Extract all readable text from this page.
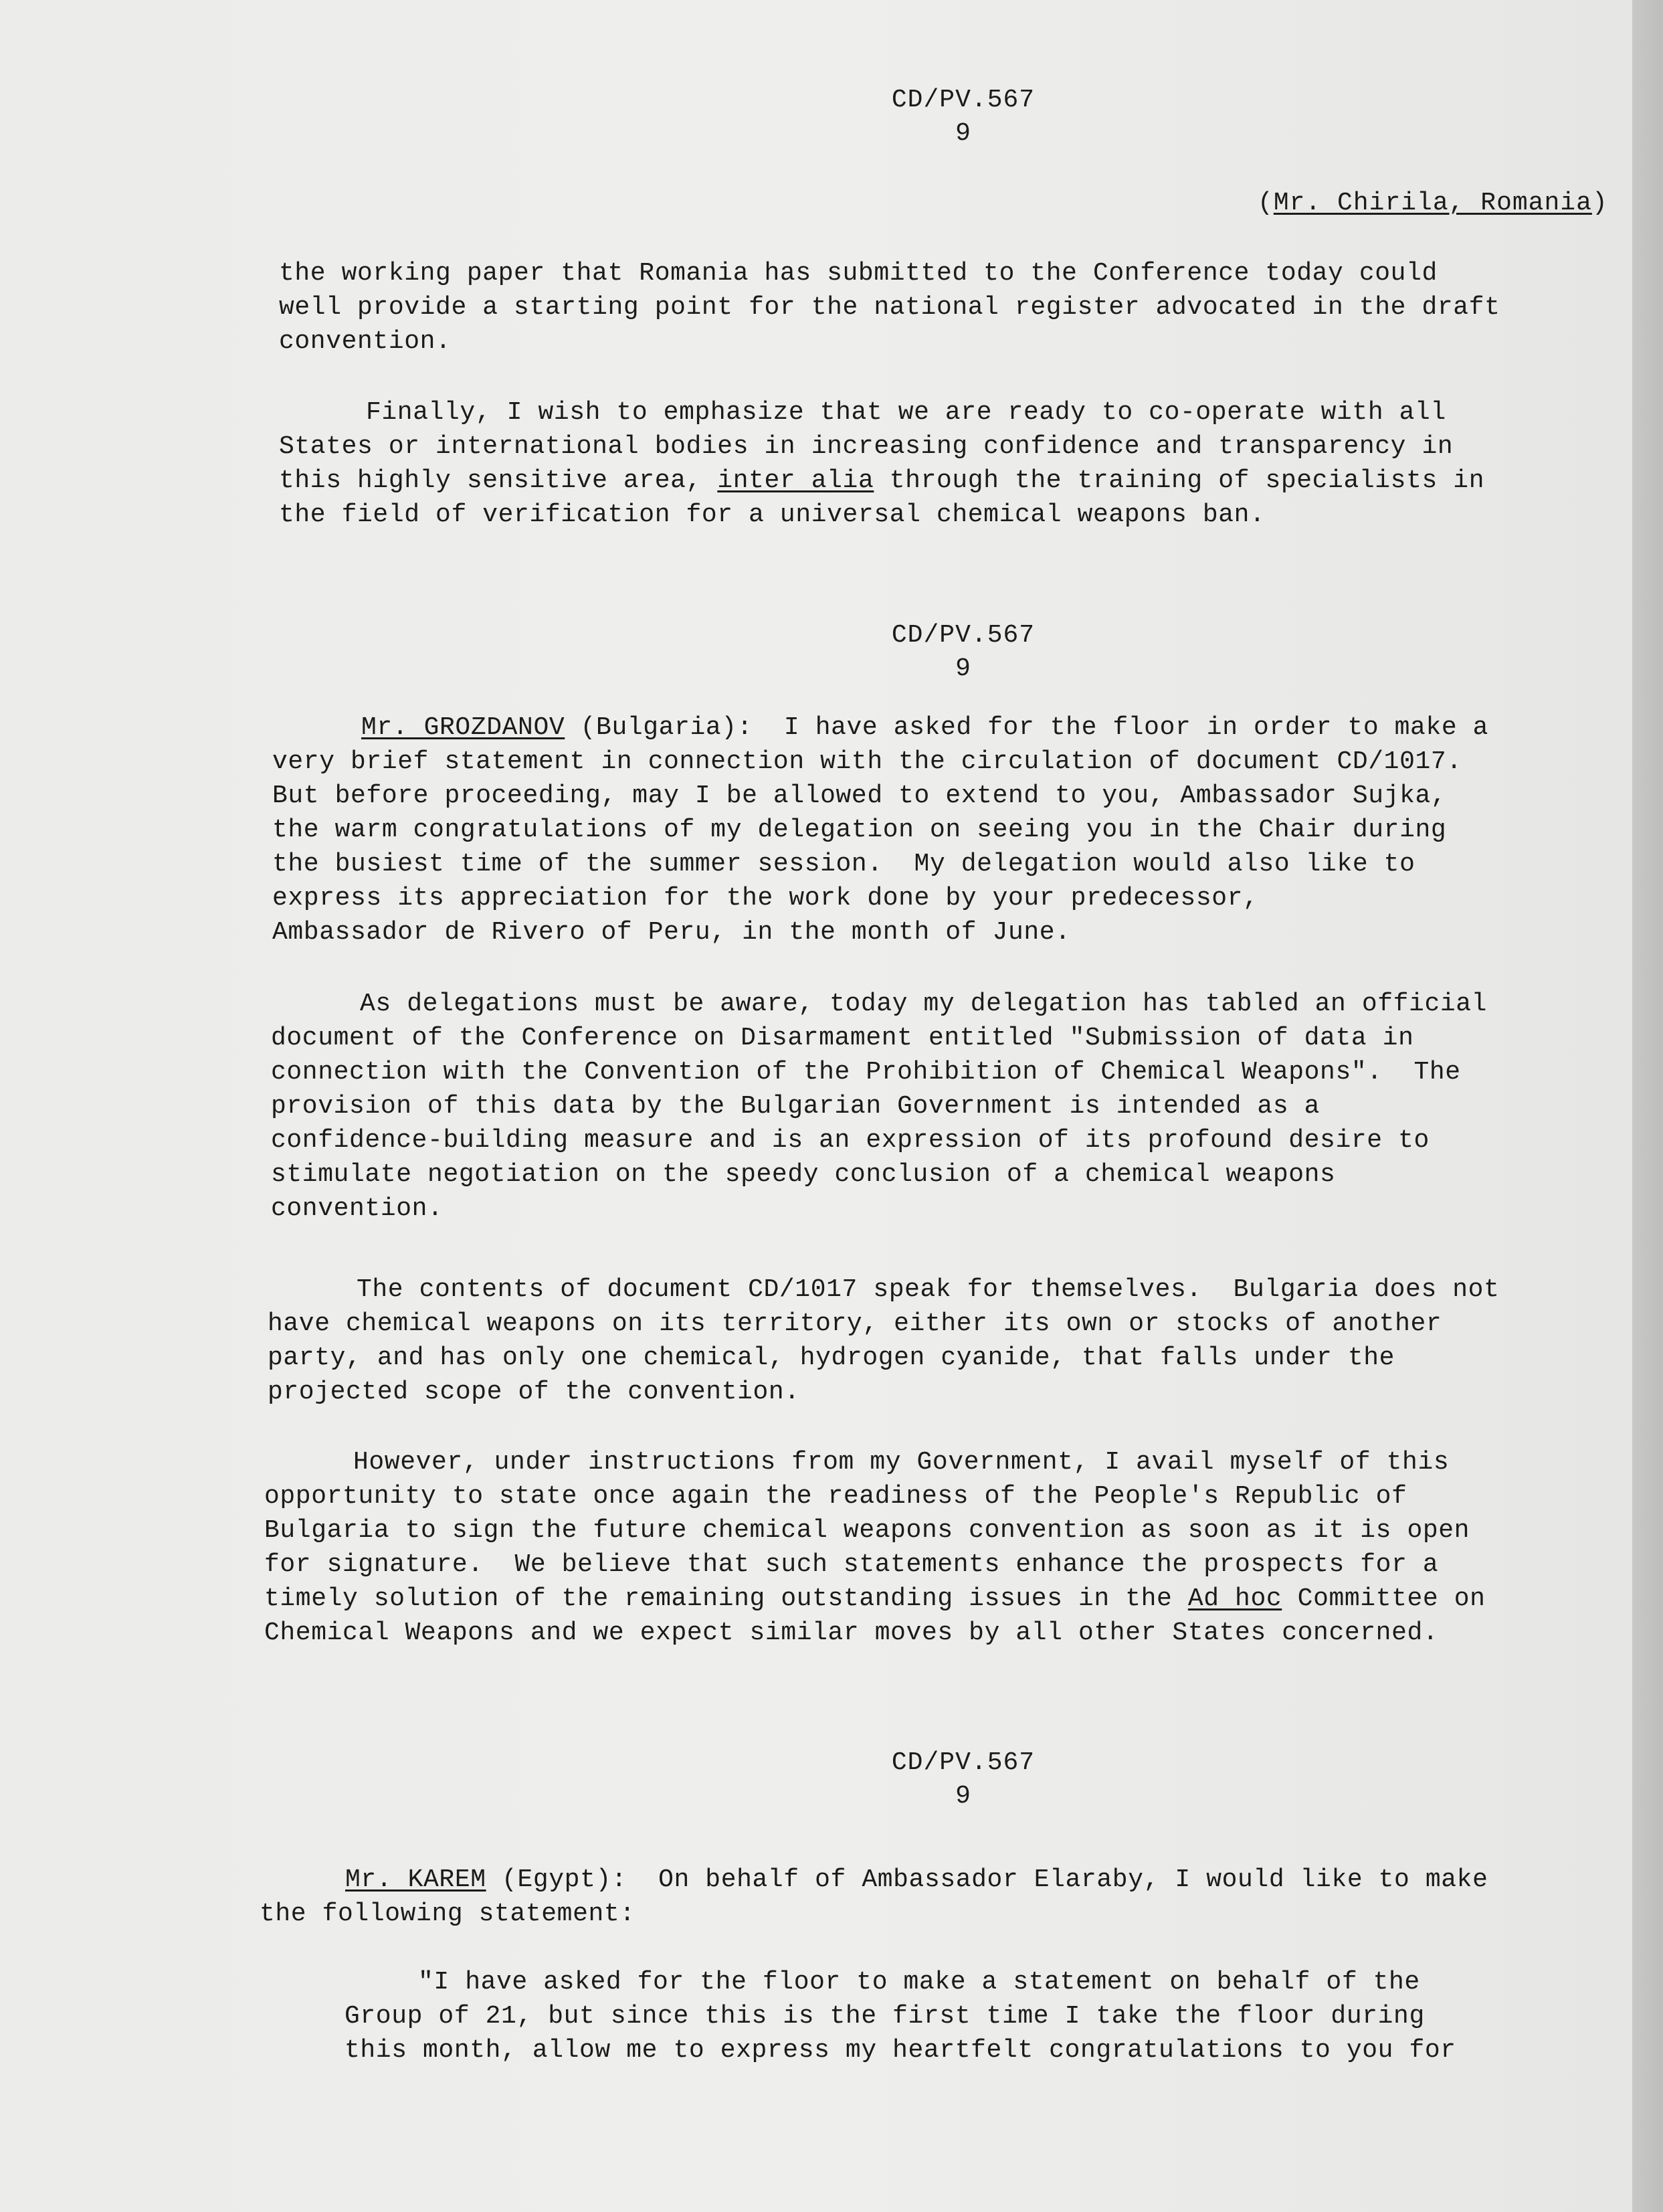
CD/PV.567
9
(Mr. Chirila, Romania)
the working paper that Romania has submitted to the Conference today could
well provide a starting point for the national register advocated in the draft
convention.
Finally, I wish to emphasize that we are ready to co-operate with all
States or international bodies in increasing confidence and transparency in
this highly sensitive area, inter alia through the training of specialists in
the field of verification for a universal chemical weapons ban.
CD/PV.567
9
Mr. GROZDANOV (Bulgaria):  I have asked for the floor in order to make a
very brief statement in connection with the circulation of document CD/1017.
But before proceeding, may I be allowed to extend to you, Ambassador Sujka,
the warm congratulations of my delegation on seeing you in the Chair during
the busiest time of the summer session.  My delegation would also like to
express its appreciation for the work done by your predecessor,
Ambassador de Rivero of Peru, in the month of June.
As delegations must be aware, today my delegation has tabled an official
document of the Conference on Disarmament entitled "Submission of data in
connection with the Convention of the Prohibition of Chemical Weapons".  The
provision of this data by the Bulgarian Government is intended as a
confidence-building measure and is an expression of its profound desire to
stimulate negotiation on the speedy conclusion of a chemical weapons
convention.
The contents of document CD/1017 speak for themselves.  Bulgaria does not
have chemical weapons on its territory, either its own or stocks of another
party, and has only one chemical, hydrogen cyanide, that falls under the
projected scope of the convention.
However, under instructions from my Government, I avail myself of this
opportunity to state once again the readiness of the People's Republic of
Bulgaria to sign the future chemical weapons convention as soon as it is open
for signature.  We believe that such statements enhance the prospects for a
timely solution of the remaining outstanding issues in the Ad hoc Committee on
Chemical Weapons and we expect similar moves by all other States concerned.
CD/PV.567
9
Mr. KAREM (Egypt):  On behalf of Ambassador Elaraby, I would like to make
the following statement:
"I have asked for the floor to make a statement on behalf of the
Group of 21, but since this is the first time I take the floor during
this month, allow me to express my heartfelt congratulations to you for
